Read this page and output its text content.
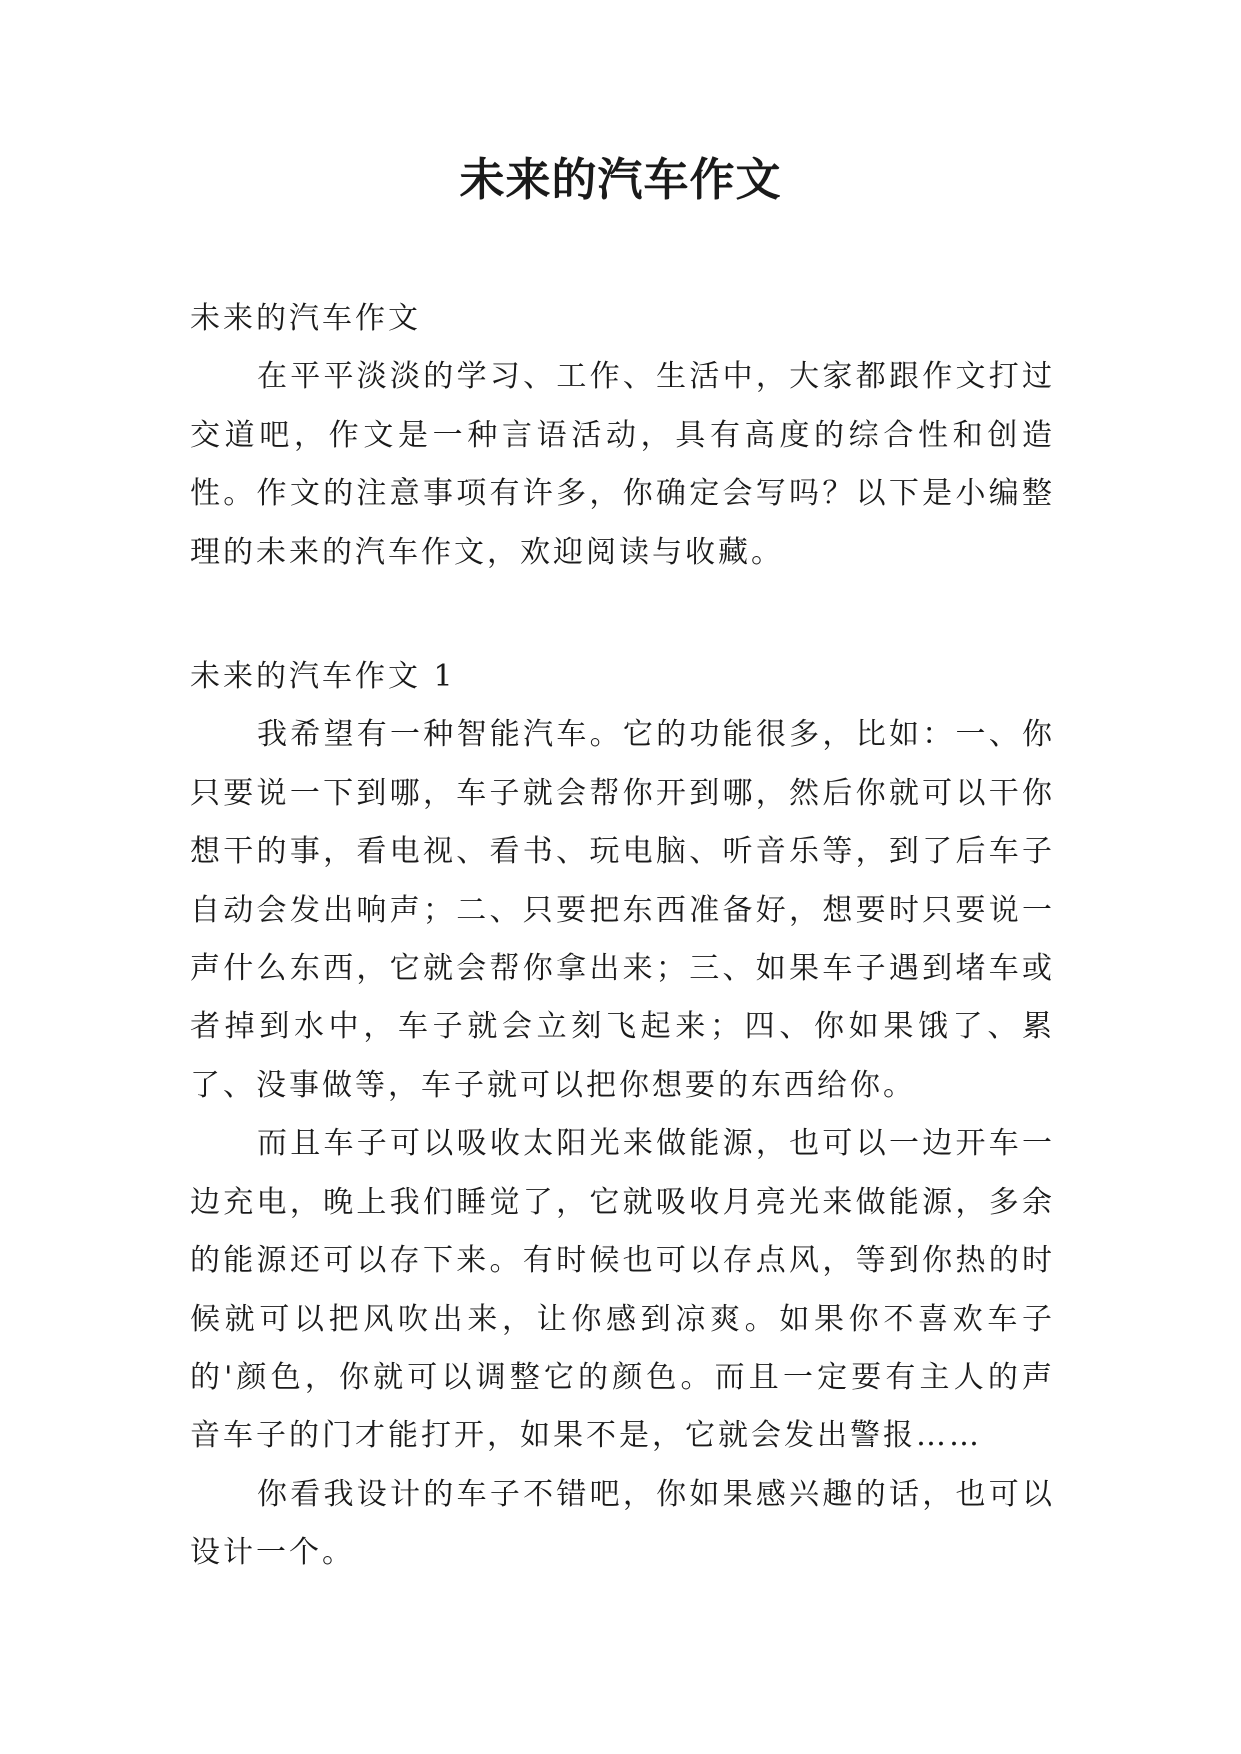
未来的汽车作文

未来的汽车作文

在平平淡淡的学习、工作、生活中，大家都跟作文打过交道吧，作文是一种言语活动，具有高度的综合性和创造性。作文的注意事项有许多，你确定会写吗？以下是小编整理的未来的汽车作文，欢迎阅读与收藏。

未来的汽车作文 1

我希望有一种智能汽车。它的功能很多，比如：一、你只要说一下到哪，车子就会帮你开到哪，然后你就可以干你想干的事，看电视、看书、玩电脑、听音乐等，到了后车子自动会发出响声；二、只要把东西准备好，想要时只要说一声什么东西，它就会帮你拿出来；三、如果车子遇到堵车或者掉到水中，车子就会立刻飞起来；四、你如果饿了、累了、没事做等，车子就可以把你想要的东西给你。

而且车子可以吸收太阳光来做能源，也可以一边开车一边充电，晚上我们睡觉了，它就吸收月亮光来做能源，多余的能源还可以存下来。有时候也可以存点风，等到你热的时候就可以把风吹出来，让你感到凉爽。如果你不喜欢车子的'颜色，你就可以调整它的颜色。而且一定要有主人的声音车子的门才能打开，如果不是，它就会发出警报……

你看我设计的车子不错吧，你如果感兴趣的话，也可以设计一个。
